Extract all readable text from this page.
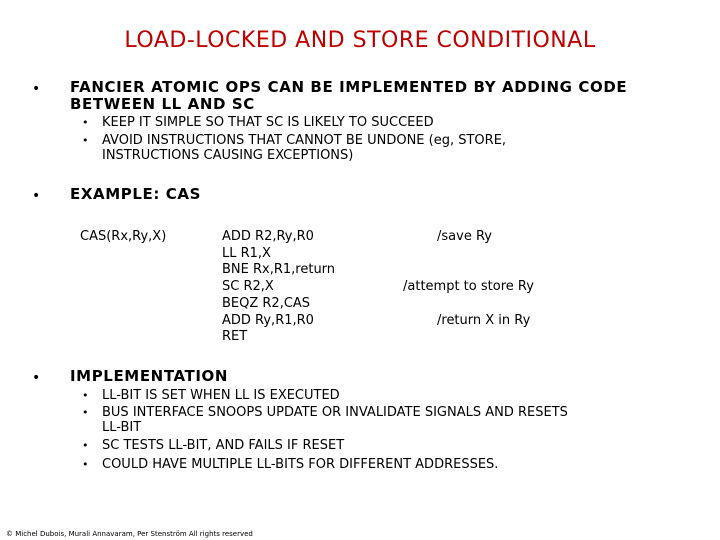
LOAD-LOCKED AND STORE CONDITIONAL
• FANCIER ATOMIC OPS CAN BE IMPLEMENTED BY ADDING CODE
BETWEEN LL AND SC
• KEEP IT SIMPLE SO THAT SC IS LIKELY TO SUCCEED
• AVOID INSTRUCTIONS THAT CANNOT BE UNDONE (eg, STORE,
INSTRUCTIONS CAUSING EXCEPTIONS)
• EXAMPLE: CAS
CAS(Rx,Ry,X)	ADD R2,Ry,R0
LL R1,X
BNE Rx,R1,return
SC R2,X
BEQZ R2,CAS
ADD Ry,R1,R0
RET
/save Ry
/attempt to store Ry
/return X in Ry
• IMPLEMENTATION
• LL-BIT IS SET WHEN LL IS EXECUTED
• BUS INTERFACE SNOOPS UPDATE OR INVALIDATE SIGNALS AND RESETS
LL-BIT
• SC TESTS LL-BIT, AND FAILS IF RESET
• COULD HAVE MULTIPLE LL-BITS FOR DIFFERENT ADDRESSES.
© Michel Dubois, Murali Annavaram, Per Stenström All rights reserved
